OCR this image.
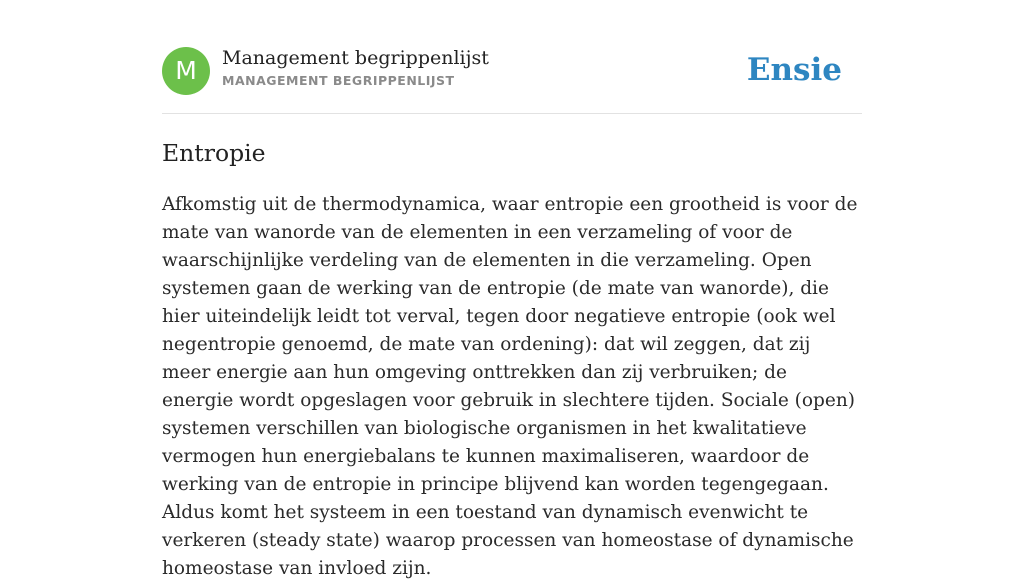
M	Management begrippenlijst
MANAGEMENT BEGRIPPENLIJST	Ensie
Entropie

Afkomstig uit de thermodynamica, waar entropie een grootheid is voor de mate van wanorde van de elementen in een verzameling of voor de waarschijnlijke verdeling van de elementen in die verzameling. Open systemen gaan de werking van de entropie (de mate van wanorde), die hier uiteindelijk leidt tot verval, tegen door negatieve entropie (ook wel negentropie genoemd, de mate van ordening): dat wil zeggen, dat zij meer energie aan hun omgeving onttrekken dan zij verbruiken; de energie wordt opgeslagen voor gebruik in slechtere tijden. Sociale (open) systemen verschillen van biologische organismen in het kwalitatieve vermogen hun energiebalans te kunnen maximaliseren, waardoor de werking van de entropie in principe blijvend kan worden tegengegaan. Aldus komt het systeem in een toestand van dynamisch evenwicht te verkeren (steady state) waarop processen van homeostase of dynamische homeostase van invloed zijn.
